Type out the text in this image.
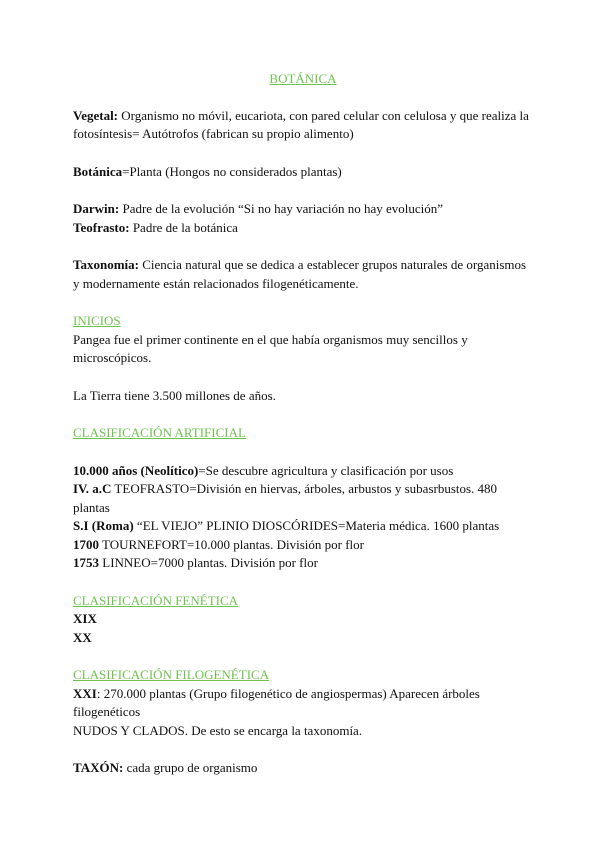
BOTÁNICA

Vegetal: Organismo no móvil, eucariota, con pared celular con celulosa y que realiza la fotosíntesis= Autótrofos (fabrican su propio alimento)

Botánica=Planta (Hongos no considerados plantas)

Darwin: Padre de la evolución “Si no hay variación no hay evolución”

Teofrasto: Padre de la botánica

Taxonomía: Ciencia natural que se dedica a establecer grupos naturales de organismos y modernamente están relacionados filogenéticamente.

INICIOS

Pangea fue el primer continente en el que había organismos muy sencillos y microscópicos.

La Tierra tiene 3.500 millones de años.

CLASIFICACIÓN ARTIFICIAL

10.000 años (Neolítico)=Se descubre agricultura y clasificación por usos

IV. a.C TEOFRASTO=División en hiervas, árboles, arbustos y subasrbustos. 480 plantas

S.I (Roma) “EL VIEJO” PLINIO DIOSCÓRIDES=Materia médica. 1600 plantas

1700 TOURNEFORT=10.000 plantas. División por flor

1753 LINNEO=7000 plantas. División por flor

CLASIFICACIÓN FENÉTICA

XIX

XX

CLASIFICACIÓN FILOGENÉTICA

XXI: 270.000 plantas (Grupo filogenético de angiospermas) Aparecen árboles filogenéticos

NUDOS Y CLADOS. De esto se encarga la taxonomía.

TAXÓN: cada grupo de organismo
